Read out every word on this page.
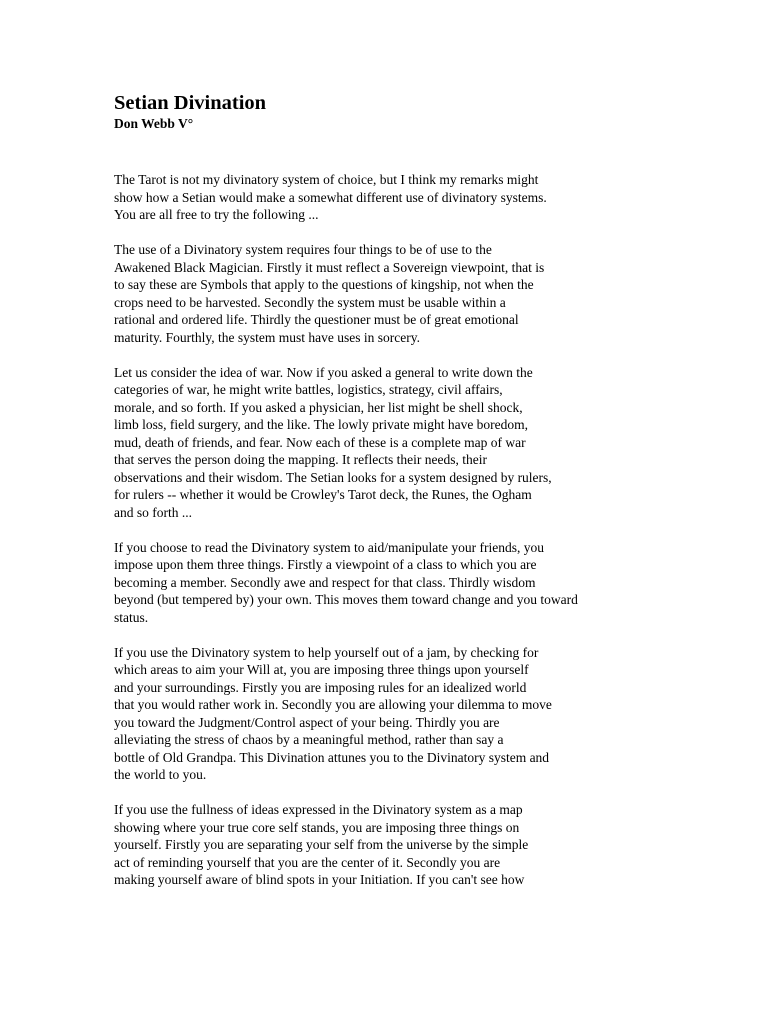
Setian Divination
Don Webb V°

The Tarot is not my divinatory system of choice, but I think my remarks might
show how a Setian would make a somewhat different use of divinatory systems.
You are all free to try the following ...

The use of a Divinatory system requires four things to be of use to the
Awakened Black Magician. Firstly it must reflect a Sovereign viewpoint, that is
to say these are Symbols that apply to the questions of kingship, not when the
crops need to be harvested. Secondly the system must be usable within a
rational and ordered life. Thirdly the questioner must be of great emotional
maturity. Fourthly, the system must have uses in sorcery.

Let us consider the idea of war. Now if you asked a general to write down the
categories of war, he might write battles, logistics, strategy, civil affairs,
morale, and so forth. If you asked a physician, her list might be shell shock,
limb loss, field surgery, and the like. The lowly private might have boredom,
mud, death of friends, and fear. Now each of these is a complete map of war
that serves the person doing the mapping. It reflects their needs, their
observations and their wisdom. The Setian looks for a system designed by rulers,
for rulers -- whether it would be Crowley's Tarot deck, the Runes, the Ogham
and so forth ...

If you choose to read the Divinatory system to aid/manipulate your friends, you
impose upon them three things. Firstly a viewpoint of a class to which you are
becoming a member. Secondly awe and respect for that class. Thirdly wisdom
beyond (but tempered by) your own. This moves them toward change and you toward
status.

If you use the Divinatory system to help yourself out of a jam, by checking for
which areas to aim your Will at, you are imposing three things upon yourself
and your surroundings. Firstly you are imposing rules for an idealized world
that you would rather work in. Secondly you are allowing your dilemma to move
you toward the Judgment/Control aspect of your being. Thirdly you are
alleviating the stress of chaos by a meaningful method, rather than say a
bottle of Old Grandpa. This Divination attunes you to the Divinatory system and
the world to you.

If you use the fullness of ideas expressed in the Divinatory system as a map
showing where your true core self stands, you are imposing three things on
yourself. Firstly you are separating your self from the universe by the simple
act of reminding yourself that you are the center of it. Secondly you are
making yourself aware of blind spots in your Initiation. If you can't see how
